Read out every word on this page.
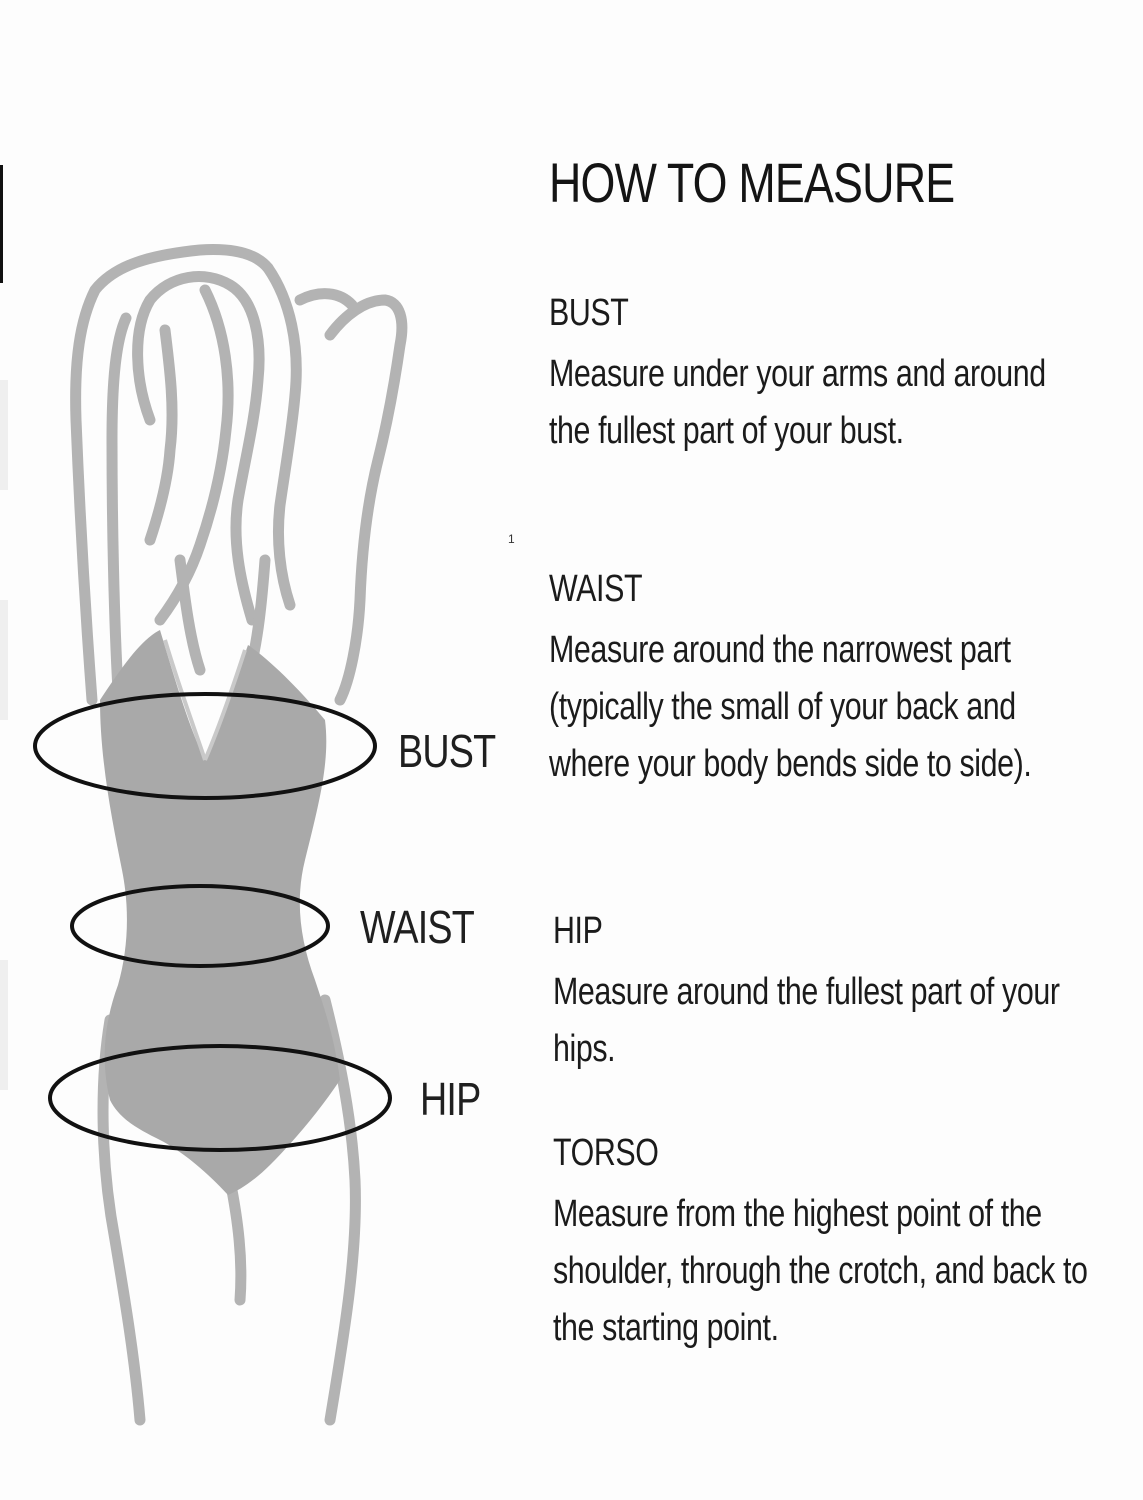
BUST
WAIST
HIP
1
HOW TO MEASURE
BUST
Measure under your arms and around the fullest part of your bust.
WAIST
Measure around the narrowest part (typically the small of your back and where your body bends side to side).
HIP
Measure around the fullest part of your hips.
TORSO
Measure from the highest point of the shoulder, through the crotch, and back to the starting point.
